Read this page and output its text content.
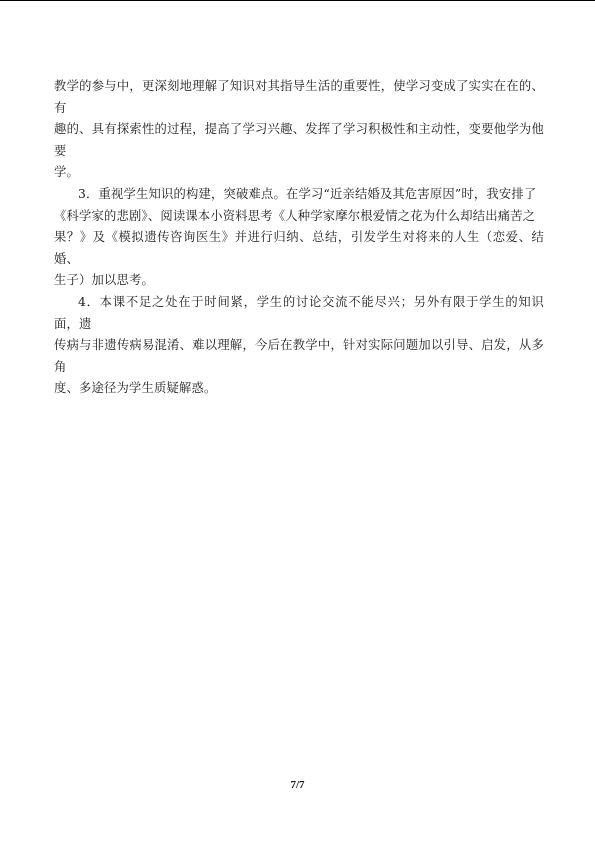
教学的参与中，更深刻地理解了知识对其指导生活的重要性，使学习变成了实实在在的、有
趣的、具有探索性的过程，提高了学习兴趣、发挥了学习积极性和主动性，变要他学为他要
学。

3．重视学生知识的构建，突破难点。在学习“近亲结婚及其危害原因”时，我安排了
《科学家的悲剧》、阅读课本小资料思考《人种学家摩尔根爱情之花为什么却结出痛苦之
果？》及《模拟遗传咨询医生》并进行归纳、总结，引发学生对将来的人生（恋爱、结婚、
生子）加以思考。

4．本课不足之处在于时间紧，学生的讨论交流不能尽兴；另外有限于学生的知识面，遗
传病与非遗传病易混淆、难以理解，今后在教学中，针对实际问题加以引导、启发，从多角
度、多途径为学生质疑解惑。

7/7
